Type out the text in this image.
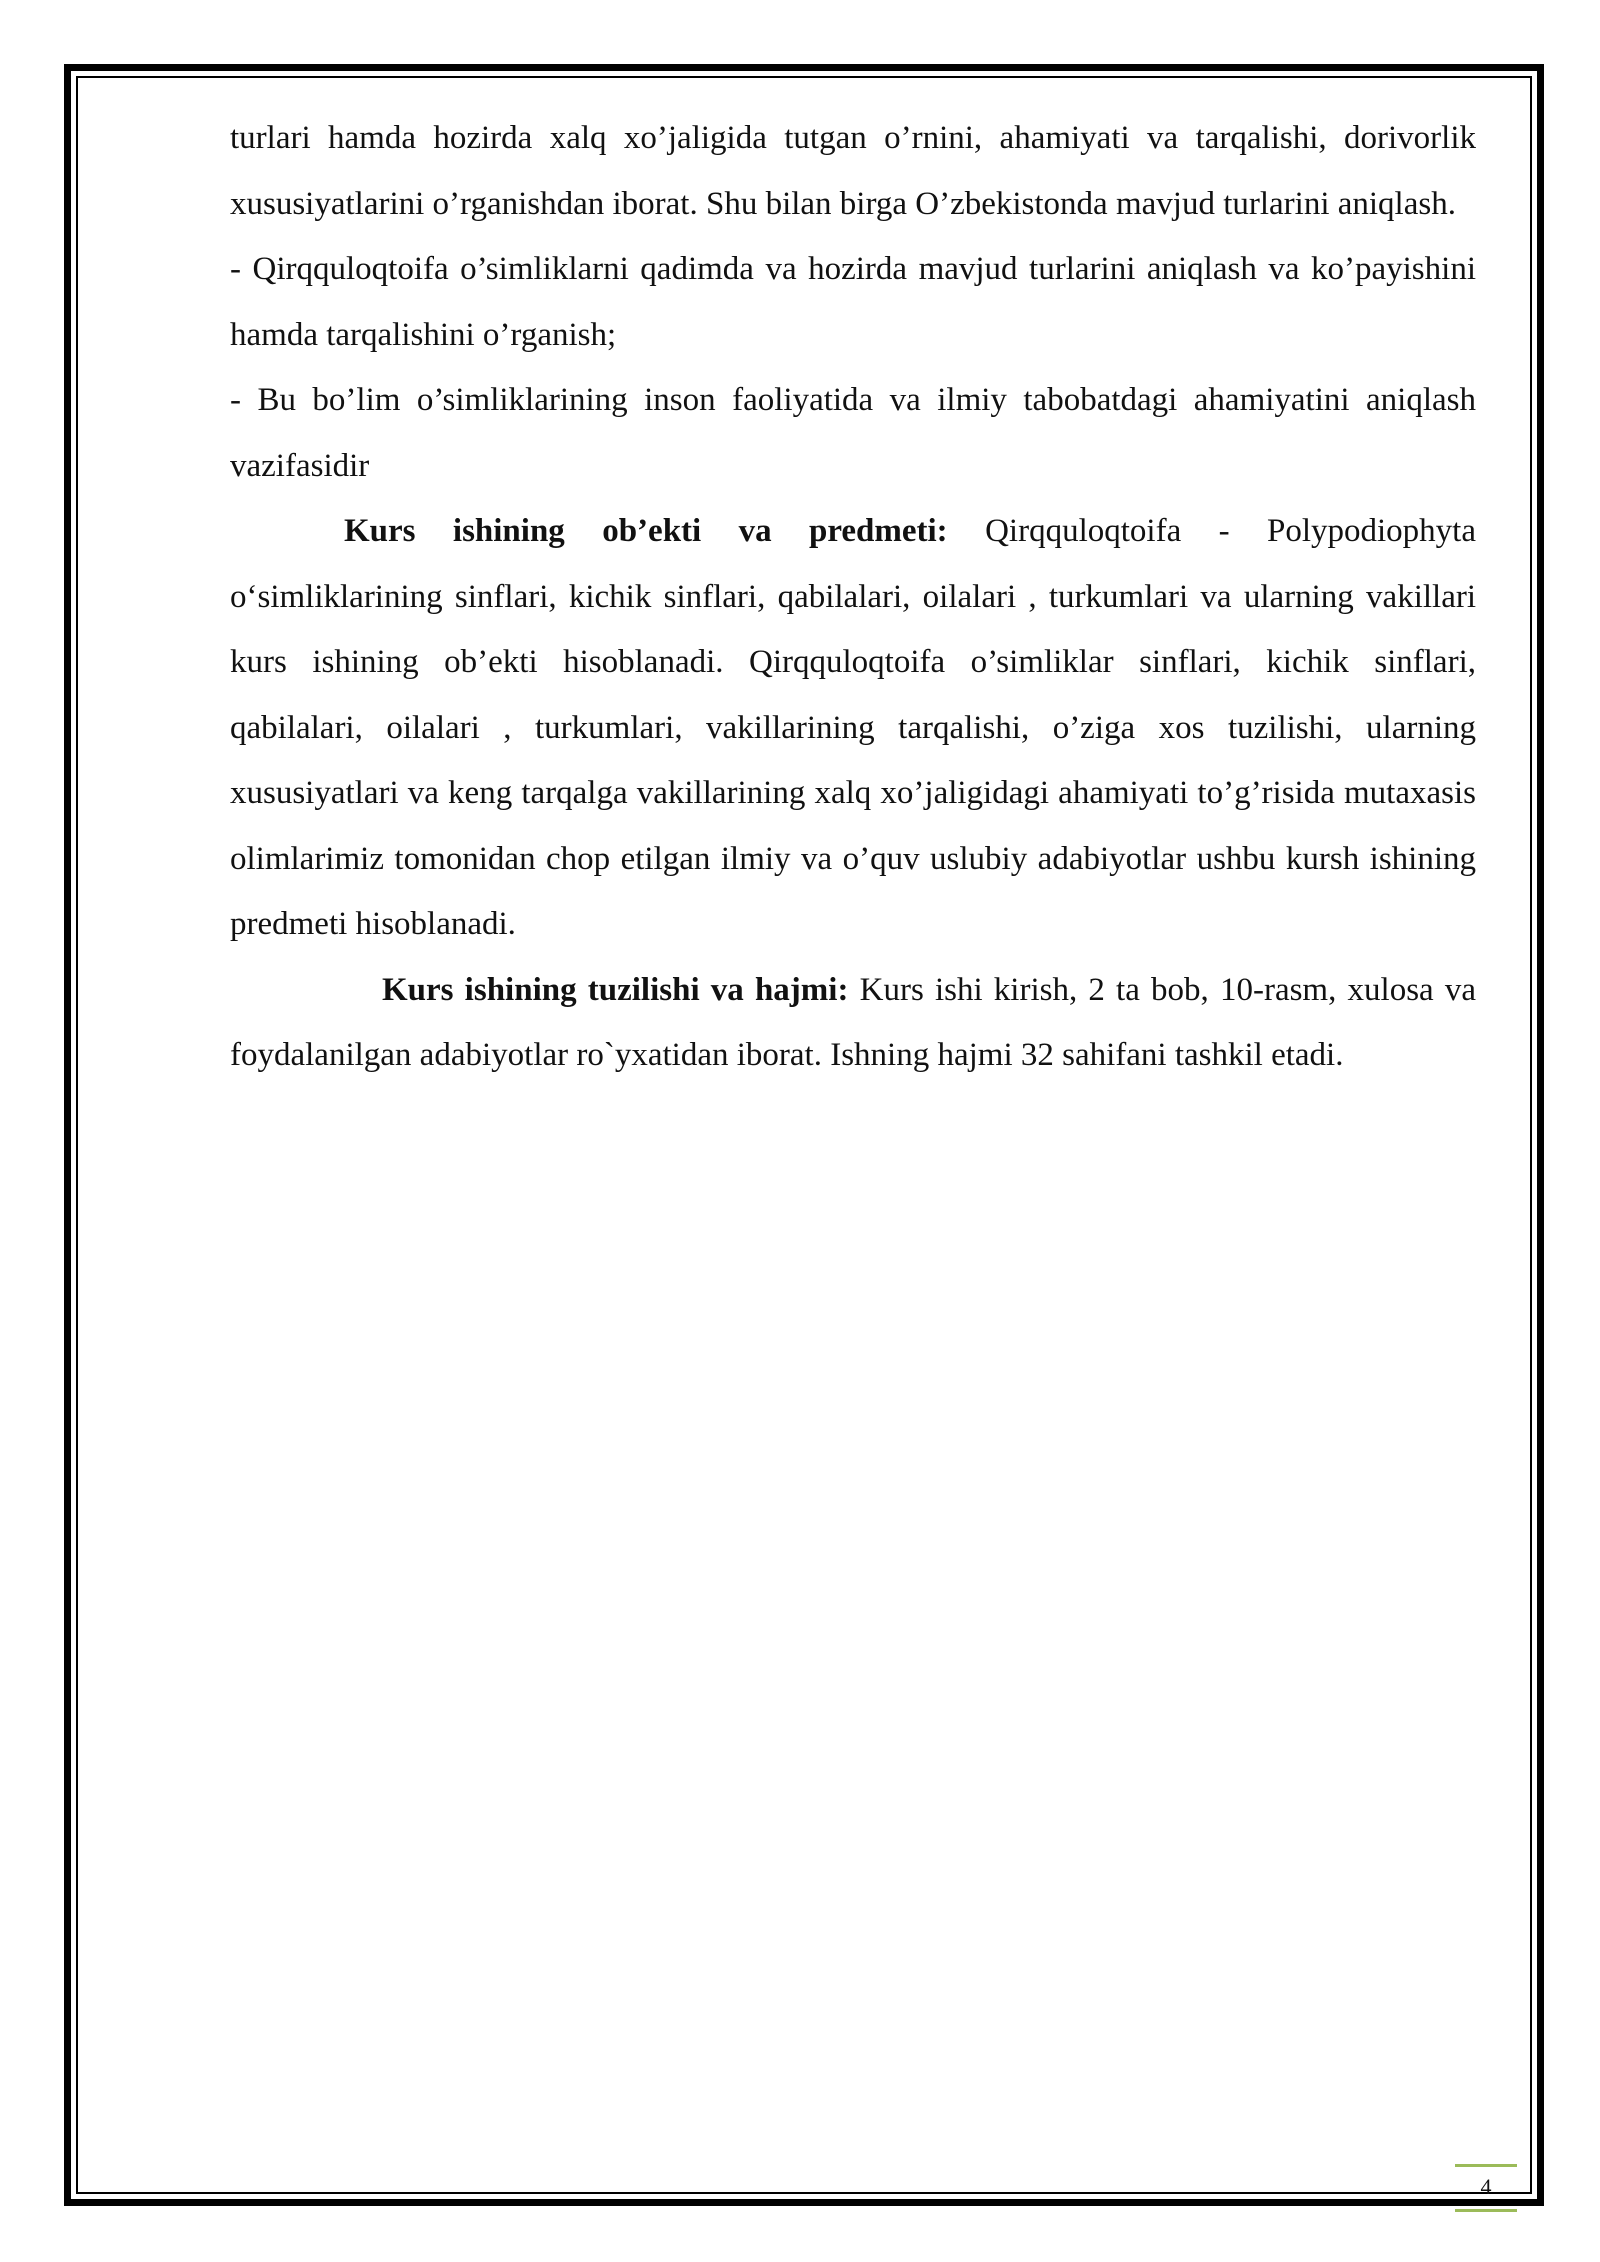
turlari hamda hozirda xalq xo’jaligida tutgan o’rnini, ahamiyati va tarqalishi, dorivorlik xususiyatlarini o’rganishdan iborat. Shu bilan birga O’zbekistonda mavjud turlarini aniqlash.

- Qirqquloqtoifa o’simliklarni qadimda va hozirda mavjud turlarini aniqlash va ko’payishini hamda tarqalishini o’rganish;

- Bu bo’lim o’simliklarining inson faoliyatida va ilmiy tabobatdagi ahamiyatini aniqlash vazifasidir

Kurs ishining ob’ekti va predmeti: Qirqquloqtoifa - Polypodiophyta o‘simliklarining sinflari, kichik sinflari, qabilalari, oilalari , turkumlari va ularning vakillari kurs ishining ob’ekti hisoblanadi. Qirqquloqtoifa o’simliklar sinflari, kichik sinflari, qabilalari, oilalari , turkumlari, vakillarining tarqalishi, o’ziga xos tuzilishi, ularning xususiyatlari va keng tarqalga vakillarining xalq xo’jaligidagi ahamiyati to’g’risida mutaxasis olimlarimiz tomonidan chop etilgan ilmiy va o’quv uslubiy adabiyotlar ushbu kursh ishining predmeti hisoblanadi.

Kurs ishining tuzilishi va hajmi: Kurs ishi kirish, 2 ta bob, 10-rasm, xulosa va foydalanilgan adabiyotlar ro`yxatidan iborat. Ishning hajmi 32 sahifani tashkil etadi.

4
